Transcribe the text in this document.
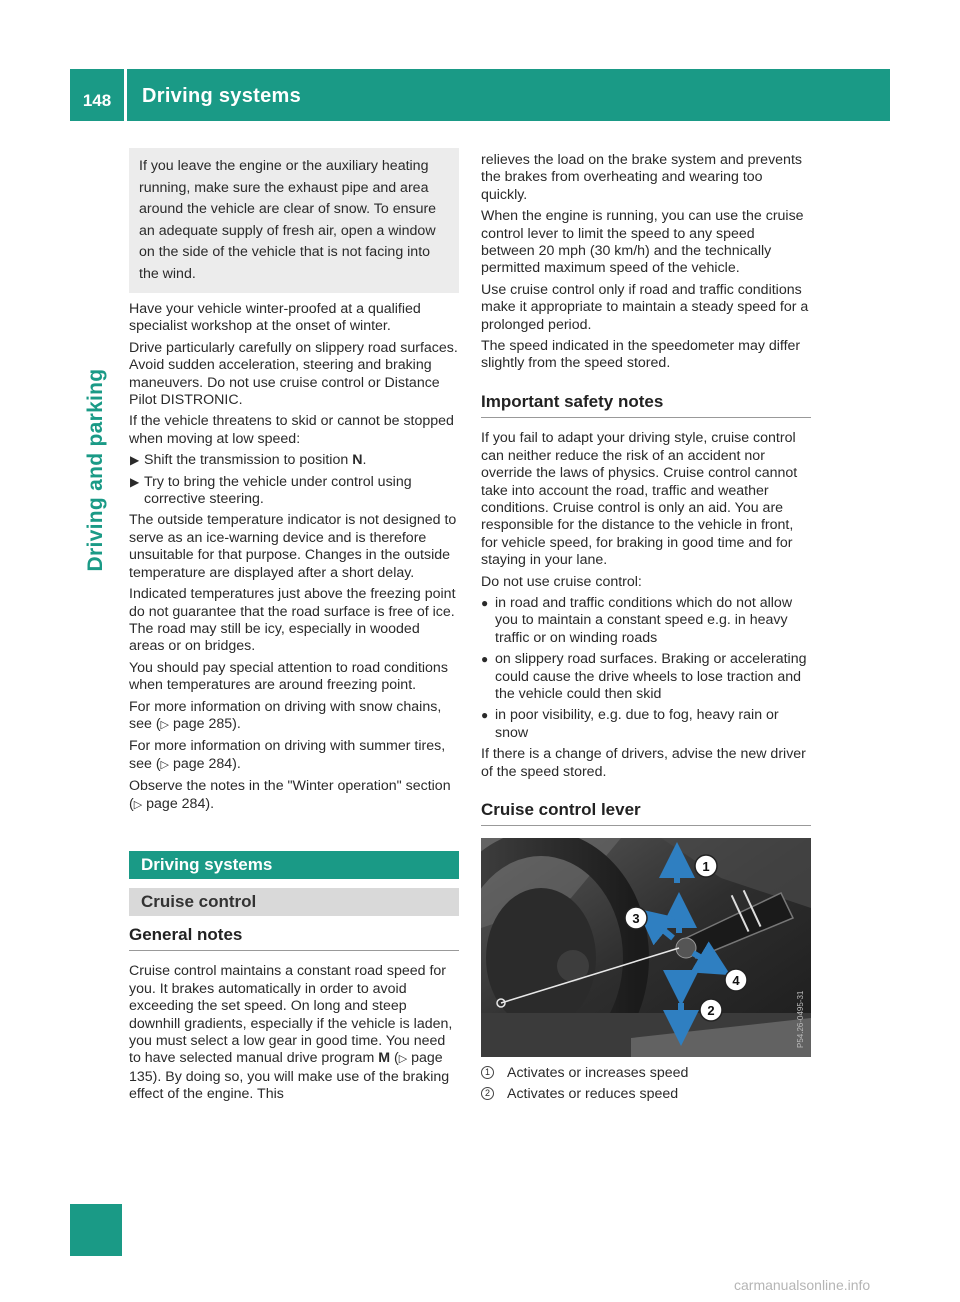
148	Driving systems
Driving and parking
If you leave the engine or the auxiliary heating running, make sure the exhaust pipe and area around the vehicle are clear of snow. To ensure an adequate supply of fresh air, open a window on the side of the vehicle that is not facing into the wind.
Have your vehicle winter-proofed at a qualified specialist workshop at the onset of winter.
Drive particularly carefully on slippery road surfaces. Avoid sudden acceleration, steering and braking maneuvers. Do not use cruise control or Distance Pilot DISTRONIC.
If the vehicle threatens to skid or cannot be stopped when moving at low speed:
▶ Shift the transmission to position N.
▶ Try to bring the vehicle under control using corrective steering.
The outside temperature indicator is not designed to serve as an ice-warning device and is therefore unsuitable for that purpose. Changes in the outside temperature are displayed after a short delay.
Indicated temperatures just above the freezing point do not guarantee that the road surface is free of ice. The road may still be icy, especially in wooded areas or on bridges.
You should pay special attention to road conditions when temperatures are around freezing point.
For more information on driving with snow chains, see (▷ page 285).
For more information on driving with summer tires, see (▷ page 284).
Observe the notes in the "Winter operation" section (▷ page 284).
Driving systems
Cruise control
General notes
Cruise control maintains a constant road speed for you. It brakes automatically in order to avoid exceeding the set speed. On long and steep downhill gradients, especially if the vehicle is laden, you must select a low gear in good time. You need to have selected manual drive program M (▷ page 135). By doing so, you will make use of the braking effect of the engine. This
relieves the load on the brake system and prevents the brakes from overheating and wearing too quickly.
When the engine is running, you can use the cruise control lever to limit the speed to any speed between 20 mph (30 km/h) and the technically permitted maximum speed of the vehicle.
Use cruise control only if road and traffic conditions make it appropriate to maintain a steady speed for a prolonged period.
The speed indicated in the speedometer may differ slightly from the speed stored.
Important safety notes
If you fail to adapt your driving style, cruise control can neither reduce the risk of an accident nor override the laws of physics. Cruise control cannot take into account the road, traffic and weather conditions. Cruise control is only an aid. You are responsible for the distance to the vehicle in front, for vehicle speed, for braking in good time and for staying in your lane.
Do not use cruise control:
● in road and traffic conditions which do not allow you to maintain a constant speed e.g. in heavy traffic or on winding roads
● on slippery road surfaces. Braking or accelerating could cause the drive wheels to lose traction and the vehicle could then skid
● in poor visibility, e.g. due to fog, heavy rain or snow
If there is a change of drivers, advise the new driver of the speed stored.
Cruise control lever
1
2
3
4
P54.26-0495-31
1 Activates or increases speed
2 Activates or reduces speed
carmanualsonline.info
